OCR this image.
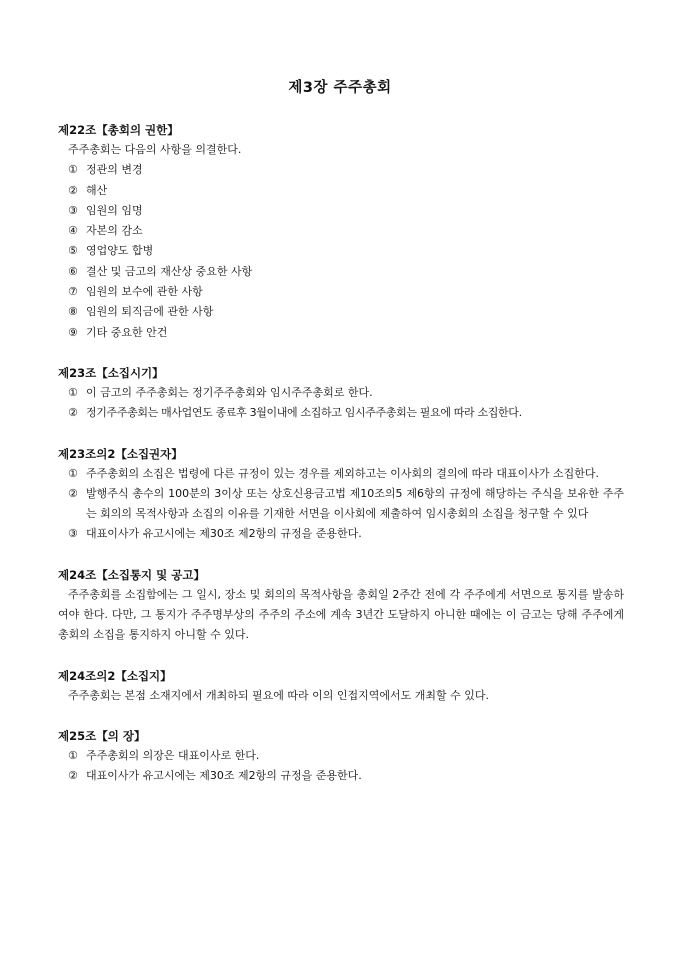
제3장 주주총회
제22조【총회의 권한】
주주총회는 다음의 사항을 의결한다.
① 정관의 변경
② 해산
③ 임원의 임명
④ 자본의 감소
⑤ 영업양도 합병
⑥ 결산 및 금고의 재산상 중요한 사항
⑦ 임원의 보수에 관한 사항
⑧ 임원의 퇴직금에 관한 사항
⑨ 기타 중요한 안건
제23조【소집시기】
① 이 금고의 주주총회는 정기주주총회와 임시주주총회로 한다.
② 정기주주총회는 매사업연도 종료후 3월이내에 소집하고 임시주주총회는 필요에 따라 소집한다.
제23조의2【소집권자】
① 주주총회의 소집은 법령에 다른 규정이 있는 경우를 제외하고는 이사회의 결의에 따라 대표이사가 소집한다.
② 발행주식 총수의 100분의 3이상 또는 상호신용금고법 제10조의5 제6항의 규정에 해당하는 주식을 보유한 주주는 회의의 목적사항과 소집의 이유를 기재한 서면을 이사회에 제출하여 임시총회의 소집을 청구할 수 있다
③ 대표이사가 유고시에는 제30조 제2항의 규정을 준용한다.
제24조【소집통지 및 공고】
주주총회를 소집함에는 그 일시, 장소 및 회의의 목적사항을 총회일 2주간 전에 각 주주에게 서면으로 통지를 발송하여야 한다. 다만, 그 통지가 주주명부상의 주주의 주소에 계속 3년간 도달하지 아니한 때에는 이 금고는 당해 주주에게 총회의 소집을 통지하지 아니할 수 있다.
제24조의2【소집지】
주주총회는 본점 소재지에서 개최하되 필요에 따라 이의 인접지역에서도 개최할 수 있다.
제25조【의 장】
① 주주총회의 의장은 대표이사로 한다.
② 대표이사가 유고시에는 제30조 제2항의 규정을 준용한다.
